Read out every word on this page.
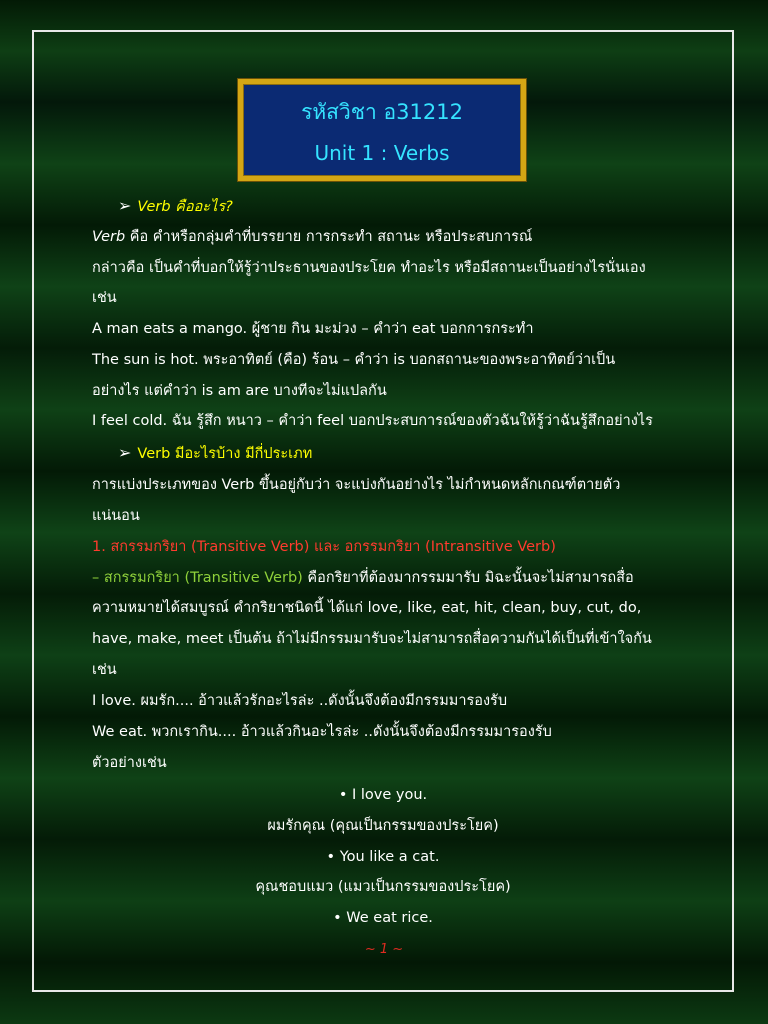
รหัสวิชา อ31212
Unit 1 : Verbs
➢ Verb คืออะไร?
Verb คือ คำหรือกลุ่มคำที่บรรยาย การกระทำ สถานะ หรือประสบการณ์
กล่าวคือ เป็นคำที่บอกให้รู้ว่าประธานของประโยค ทำอะไร หรือมีสถานะเป็นอย่างไรนั่นเอง
เช่น
A man eats a mango. ผู้ชาย กิน มะม่วง – คำว่า eat บอกการกระทำ
The sun is hot. พระอาทิตย์ (คือ) ร้อน – คำว่า is บอกสถานะของพระอาทิตย์ว่าเป็น
อย่างไร แต่คำว่า is am are บางทีจะไม่แปลกัน
I feel cold. ฉัน รู้สึก หนาว – คำว่า feel บอกประสบการณ์ของตัวฉันให้รู้ว่าฉันรู้สึกอย่างไร
➢ Verb มีอะไรบ้าง มีกี่ประเภท
การแบ่งประเภทของ Verb ขึ้นอยู่กับว่า จะแบ่งกันอย่างไร ไม่กำหนดหลักเกณฑ์ตายตัว
แน่นอน
1. สกรรมกริยา (Transitive Verb) และ อกรรมกริยา (Intransitive Verb)
– สกรรมกริยา (Transitive Verb) คือกริยาที่ต้องมากรรมมารับ มิฉะนั้นจะไม่สามารถสื่อ
ความหมายได้สมบูรณ์ คำกริยาชนิดนี้ ได้แก่ love, like, eat, hit, clean, buy, cut, do,
have, make, meet เป็นต้น ถ้าไม่มีกรรมมารับจะไม่สามารถสื่อความกันได้เป็นที่เข้าใจกัน
เช่น
I love. ผมรัก.... อ้าวแล้วรักอะไรล่ะ ..ดังนั้นจึงต้องมีกรรมมารองรับ
We eat. พวกเรากิน.... อ้าวแล้วกินอะไรล่ะ ..ดังนั้นจึงต้องมีกรรมมารองรับ
ตัวอย่างเช่น
• I love you.
ผมรักคุณ (คุณเป็นกรรมของประโยค)
• You like a cat.
คุณชอบแมว (แมวเป็นกรรมของประโยค)
• We eat rice.
~ 1 ~
